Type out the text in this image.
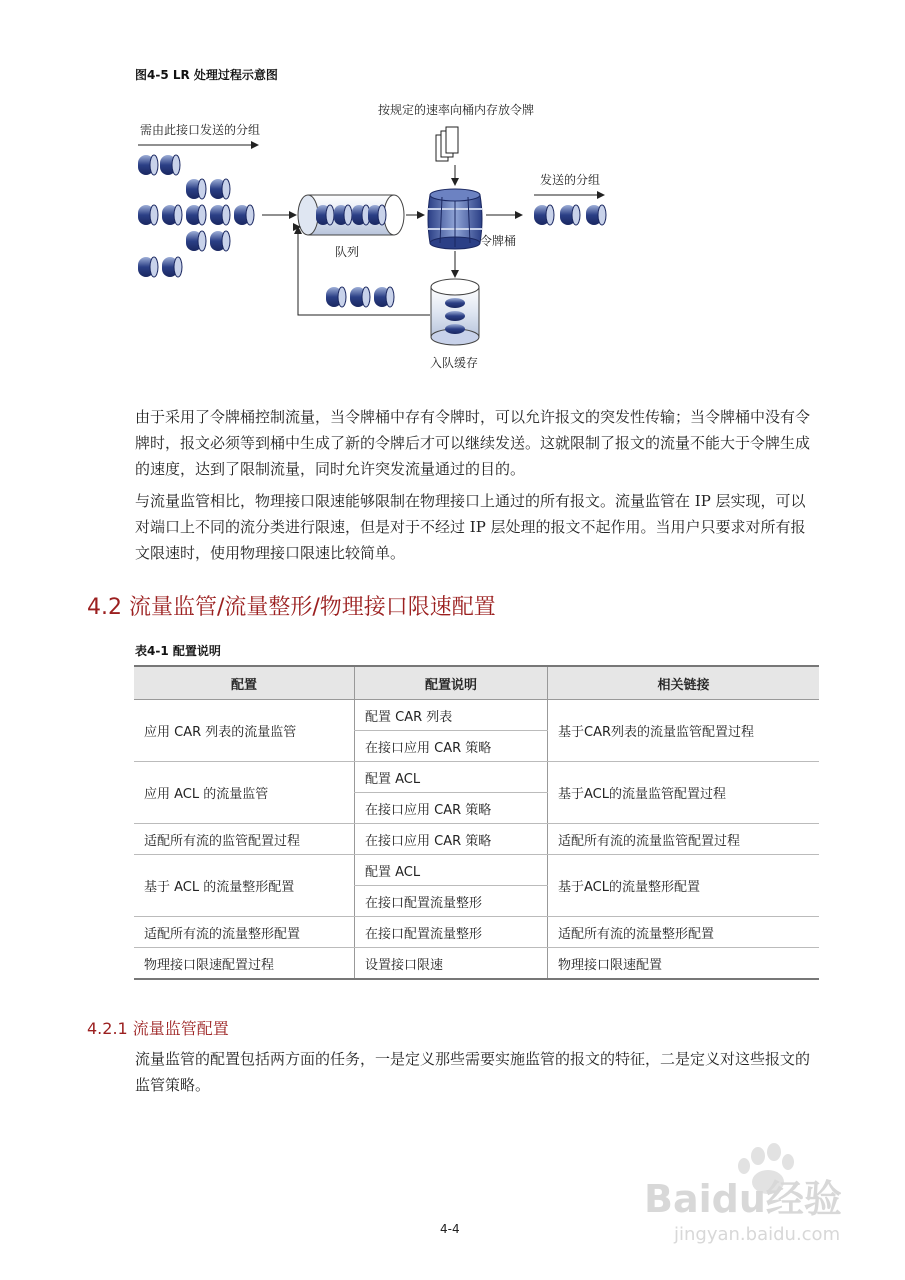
图4-5 LR 处理过程示意图
需由此接口发送的分组
队列
按规定的速率向桶内存放令牌
令牌桶
发送的分组
入队缓存
由于采用了令牌桶控制流量，当令牌桶中存有令牌时，可以允许报文的突发性传输；当令牌桶中没有令牌时，报文必须等到桶中生成了新的令牌后才可以继续发送。这就限制了报文的流量不能大于令牌生成的速度，达到了限制流量，同时允许突发流量通过的目的。
与流量监管相比，物理接口限速能够限制在物理接口上通过的所有报文。流量监管在 IP 层实现，可以对端口上不同的流分类进行限速，但是对于不经过 IP 层处理的报文不起作用。当用户只要求对所有报文限速时，使用物理接口限速比较简单。
4.2 流量监管/流量整形/物理接口限速配置
表4-1 配置说明
配置	配置说明	相关链接
应用 CAR 列表的流量监管	配置 CAR 列表	基于CAR列表的流量监管配置过程
	在接口应用 CAR 策略	
应用 ACL 的流量监管	配置 ACL	基于ACL的流量监管配置过程
	在接口应用 CAR 策略	
适配所有流的监管配置过程	在接口应用 CAR 策略	适配所有流的流量监管配置过程
基于 ACL 的流量整形配置	配置 ACL	基于ACL的流量整形配置
	在接口配置流量整形	
适配所有流的流量整形配置	在接口配置流量整形	适配所有流的流量整形配置
物理接口限速配置过程	设置接口限速	物理接口限速配置
4.2.1 流量监管配置
流量监管的配置包括两方面的任务，一是定义那些需要实施监管的报文的特征，二是定义对这些报文的监管策略。
4-4
Baidu经验
jingyan.baidu.com
